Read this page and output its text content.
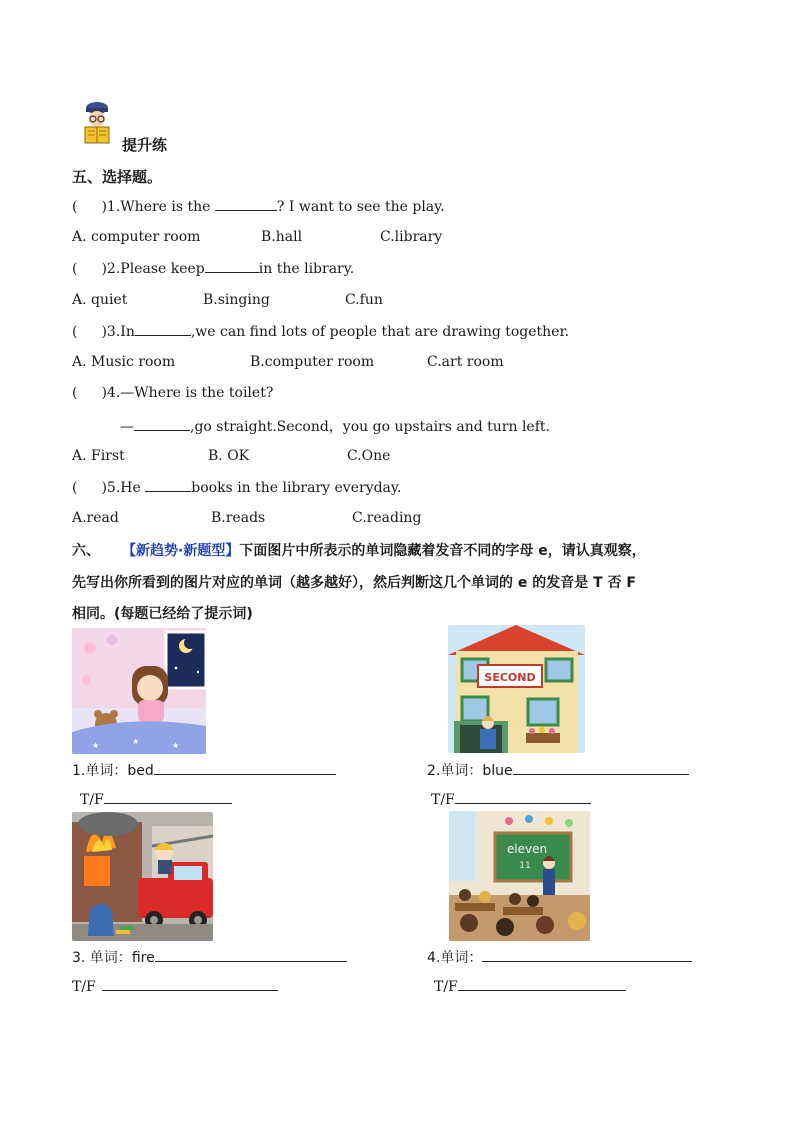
提升练
五、选择题。
( )1.Where is the	? I want to see the play.
A. computer room	B.hall	C.library
( )2.Please keep	in the library.
A. quiet	B.singing	C.fun
( )3.In	,we can find lots of people that are drawing together.
A. Music room	B.computer room	C.art room
( )4.—Where is the toilet?
—	,go straight.Second，you go upstairs and turn left.
A. First	B. OK	C.One
( )5.He	books in the library everyday.
A.read	B.reads	C.reading
六、 【新趋势·新题型】下面图片中所表示的单词隐藏着发音不同的字母 e，请认真观察，
先写出你所看到的图片对应的单词（越多越好），然后判断这几个单词的 e 的发音是 T 否 F
相同。(每题已经给了提示词)
★	★	★
SECOND
1.单词：bed	2.单词：blue
T/F	T/F
eleven
11
3. 单词：fire	4.单词：
T/F	T/F
